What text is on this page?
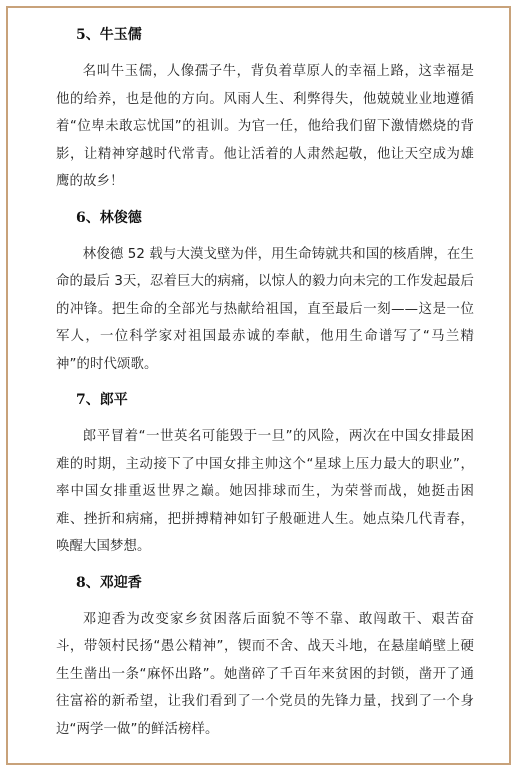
5、牛玉儒

名叫牛玉儒，人像孺子牛，背负着草原人的幸福上路，这幸福是他的给养，也是他的方向。风雨人生、利弊得失，他兢兢业业地遵循着“位卑未敢忘忧国”的祖训。为官一任，他给我们留下激情燃烧的背影，让精神穿越时代常青。他让活着的人肃然起敬，他让天空成为雄鹰的故乡！

6、林俊德

林俊德 52 载与大漠戈壁为伴，用生命铸就共和国的核盾牌，在生命的最后 3天，忍着巨大的病痛，以惊人的毅力向未完的工作发起最后的冲锋。把生命的全部光与热献给祖国，直至最后一刻——这是一位军人，一位科学家对祖国最赤诚的奉献，他用生命谱写了“马兰精神”的时代颂歌。

7、郎平

郎平冒着“一世英名可能毁于一旦”的风险，两次在中国女排最困难的时期，主动接下了中国女排主帅这个“星球上压力最大的职业”，率中国女排重返世界之巅。她因排球而生，为荣誉而战，她挺击困难、挫折和病痛，把拼搏精神如钉子般砸进人生。她点染几代青春，唤醒大国梦想。

8、邓迎香

邓迎香为改变家乡贫困落后面貌不等不靠、敢闯敢干、艰苦奋斗，带领村民扬“愚公精神”，锲而不舍、战天斗地，在悬崖峭壁上硬生生凿出一条“麻怀出路”。她凿碎了千百年来贫困的封锁，凿开了通往富裕的新希望，让我们看到了一个党员的先锋力量，找到了一个身边“两学一做”的鲜活榜样。
